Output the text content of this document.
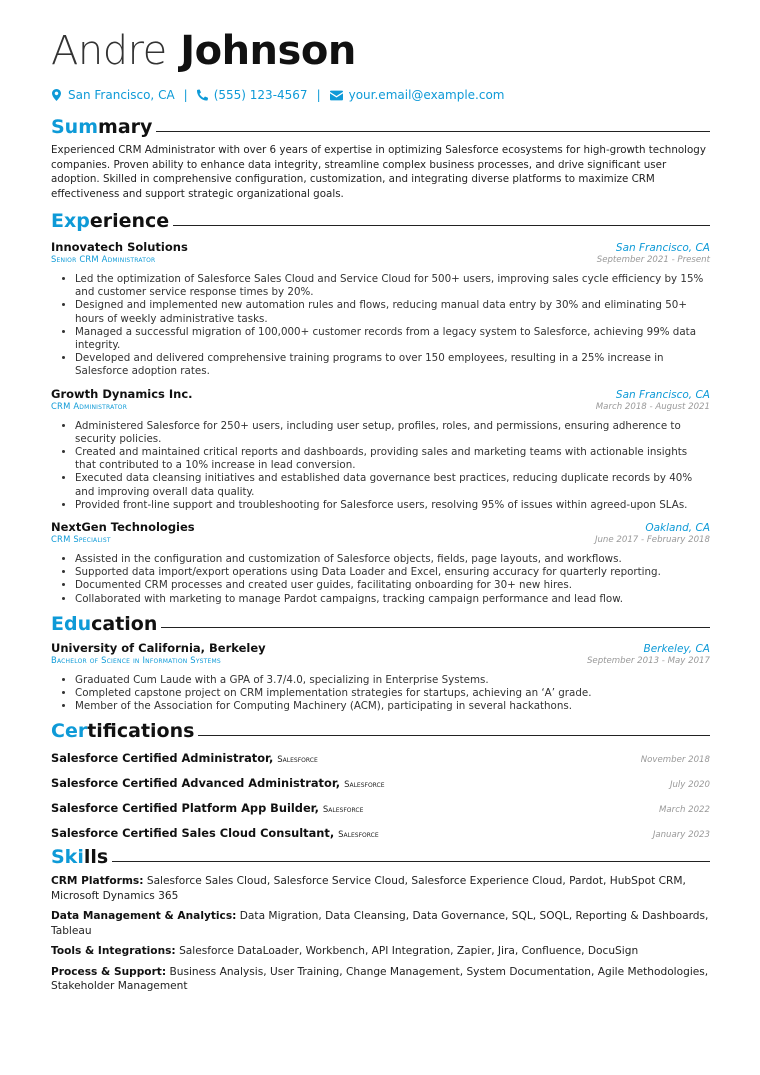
Andre Johnson
San Francisco, CA | (555) 123-4567 | your.email@example.com
Summary
Experienced CRM Administrator with over 6 years of expertise in optimizing Salesforce ecosystems for high-growth technology companies. Proven ability to enhance data integrity, streamline complex business processes, and drive significant user adoption. Skilled in comprehensive configuration, customization, and integrating diverse platforms to maximize CRM effectiveness and support strategic organizational goals.
Experience
Innovatech Solutions	San Francisco, CA
Senior CRM Administrator	September 2021 - Present
• Led the optimization of Salesforce Sales Cloud and Service Cloud for 500+ users, improving sales cycle efficiency by 15% and customer service response times by 20%.
• Designed and implemented new automation rules and flows, reducing manual data entry by 30% and eliminating 50+ hours of weekly administrative tasks.
• Managed a successful migration of 100,000+ customer records from a legacy system to Salesforce, achieving 99% data integrity.
• Developed and delivered comprehensive training programs to over 150 employees, resulting in a 25% increase in Salesforce adoption rates.
Growth Dynamics Inc.	San Francisco, CA
CRM Administrator	March 2018 - August 2021
• Administered Salesforce for 250+ users, including user setup, profiles, roles, and permissions, ensuring adherence to security policies.
• Created and maintained critical reports and dashboards, providing sales and marketing teams with actionable insights that contributed to a 10% increase in lead conversion.
• Executed data cleansing initiatives and established data governance best practices, reducing duplicate records by 40% and improving overall data quality.
• Provided front-line support and troubleshooting for Salesforce users, resolving 95% of issues within agreed-upon SLAs.
NextGen Technologies	Oakland, CA
CRM Specialist	June 2017 - February 2018
• Assisted in the configuration and customization of Salesforce objects, fields, page layouts, and workflows.
• Supported data import/export operations using Data Loader and Excel, ensuring accuracy for quarterly reporting.
• Documented CRM processes and created user guides, facilitating onboarding for 30+ new hires.
• Collaborated with marketing to manage Pardot campaigns, tracking campaign performance and lead flow.
Education
University of California, Berkeley	Berkeley, CA
Bachelor of Science in Information Systems	September 2013 - May 2017
• Graduated Cum Laude with a GPA of 3.7/4.0, specializing in Enterprise Systems.
• Completed capstone project on CRM implementation strategies for startups, achieving an ‘A’ grade.
• Member of the Association for Computing Machinery (ACM), participating in several hackathons.
Certifications
Salesforce Certified Administrator, Salesforce	November 2018
Salesforce Certified Advanced Administrator, Salesforce	July 2020
Salesforce Certified Platform App Builder, Salesforce	March 2022
Salesforce Certified Sales Cloud Consultant, Salesforce	January 2023
Skills
CRM Platforms: Salesforce Sales Cloud, Salesforce Service Cloud, Salesforce Experience Cloud, Pardot, HubSpot CRM, Microsoft Dynamics 365
Data Management & Analytics: Data Migration, Data Cleansing, Data Governance, SQL, SOQL, Reporting & Dashboards, Tableau
Tools & Integrations: Salesforce DataLoader, Workbench, API Integration, Zapier, Jira, Confluence, DocuSign
Process & Support: Business Analysis, User Training, Change Management, System Documentation, Agile Methodologies, Stakeholder Management
